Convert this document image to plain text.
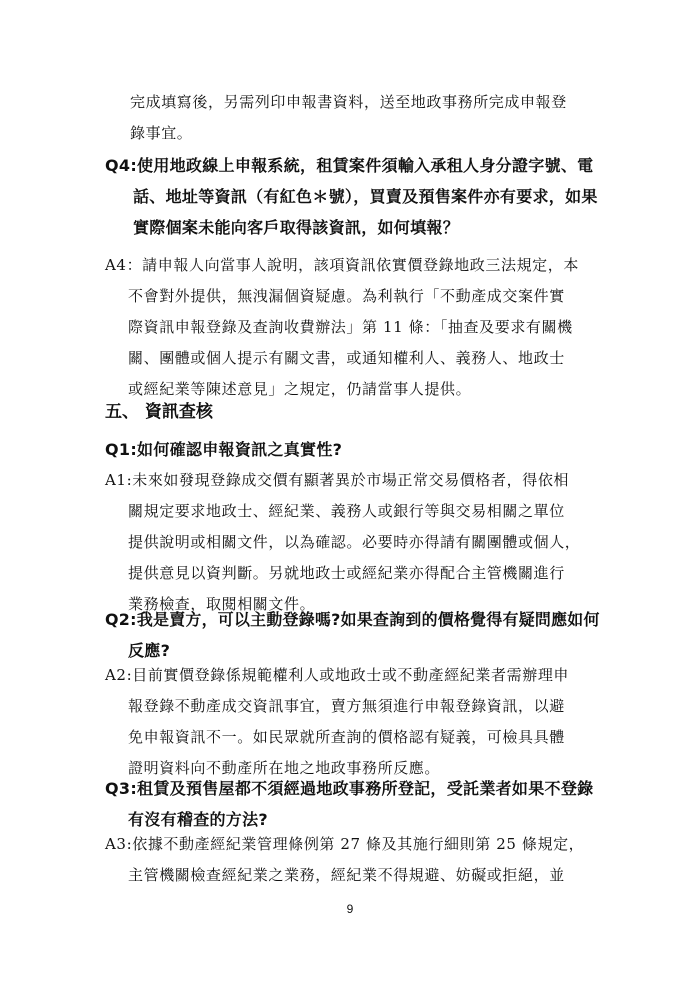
完成填寫後，另需列印申報書資料，送至地政事務所完成申報登
錄事宜。
Q4:使用地政線上申報系統，租賃案件須輸入承租人身分證字號、電
話、地址等資訊（有紅色＊號），買賣及預售案件亦有要求，如果
實際個案未能向客戶取得該資訊，如何填報？
A4：請申報人向當事人說明，該項資訊依實價登錄地政三法規定，本
不會對外提供，無洩漏個資疑慮。為利執行「不動產成交案件實
際資訊申報登錄及查詢收費辦法」第 11 條：「抽查及要求有關機
關、團體或個人提示有關文書，或通知權利人、義務人、地政士
或經紀業等陳述意見」之規定，仍請當事人提供。
五、 資訊查核
Q1:如何確認申報資訊之真實性?
A1:未來如發現登錄成交價有顯著異於市場正常交易價格者，得依相
關規定要求地政士、經紀業、義務人或銀行等與交易相關之單位
提供說明或相關文件，以為確認。必要時亦得請有關團體或個人，
提供意見以資判斷。另就地政士或經紀業亦得配合主管機關進行
業務檢查，取閱相關文件。
Q2:我是賣方，可以主動登錄嗎?如果查詢到的價格覺得有疑問應如何
反應?
A2:目前實價登錄係規範權利人或地政士或不動產經紀業者需辦理申
報登錄不動產成交資訊事宜，賣方無須進行申報登錄資訊，以避
免申報資訊不一。如民眾就所查詢的價格認有疑義，可檢具具體
證明資料向不動產所在地之地政事務所反應。
Q3:租賃及預售屋都不須經過地政事務所登記，受託業者如果不登錄
有沒有稽查的方法?
A3:依據不動產經紀業管理條例第 27 條及其施行細則第 25 條規定，
主管機關檢查經紀業之業務，經紀業不得規避、妨礙或拒絕，並
9
